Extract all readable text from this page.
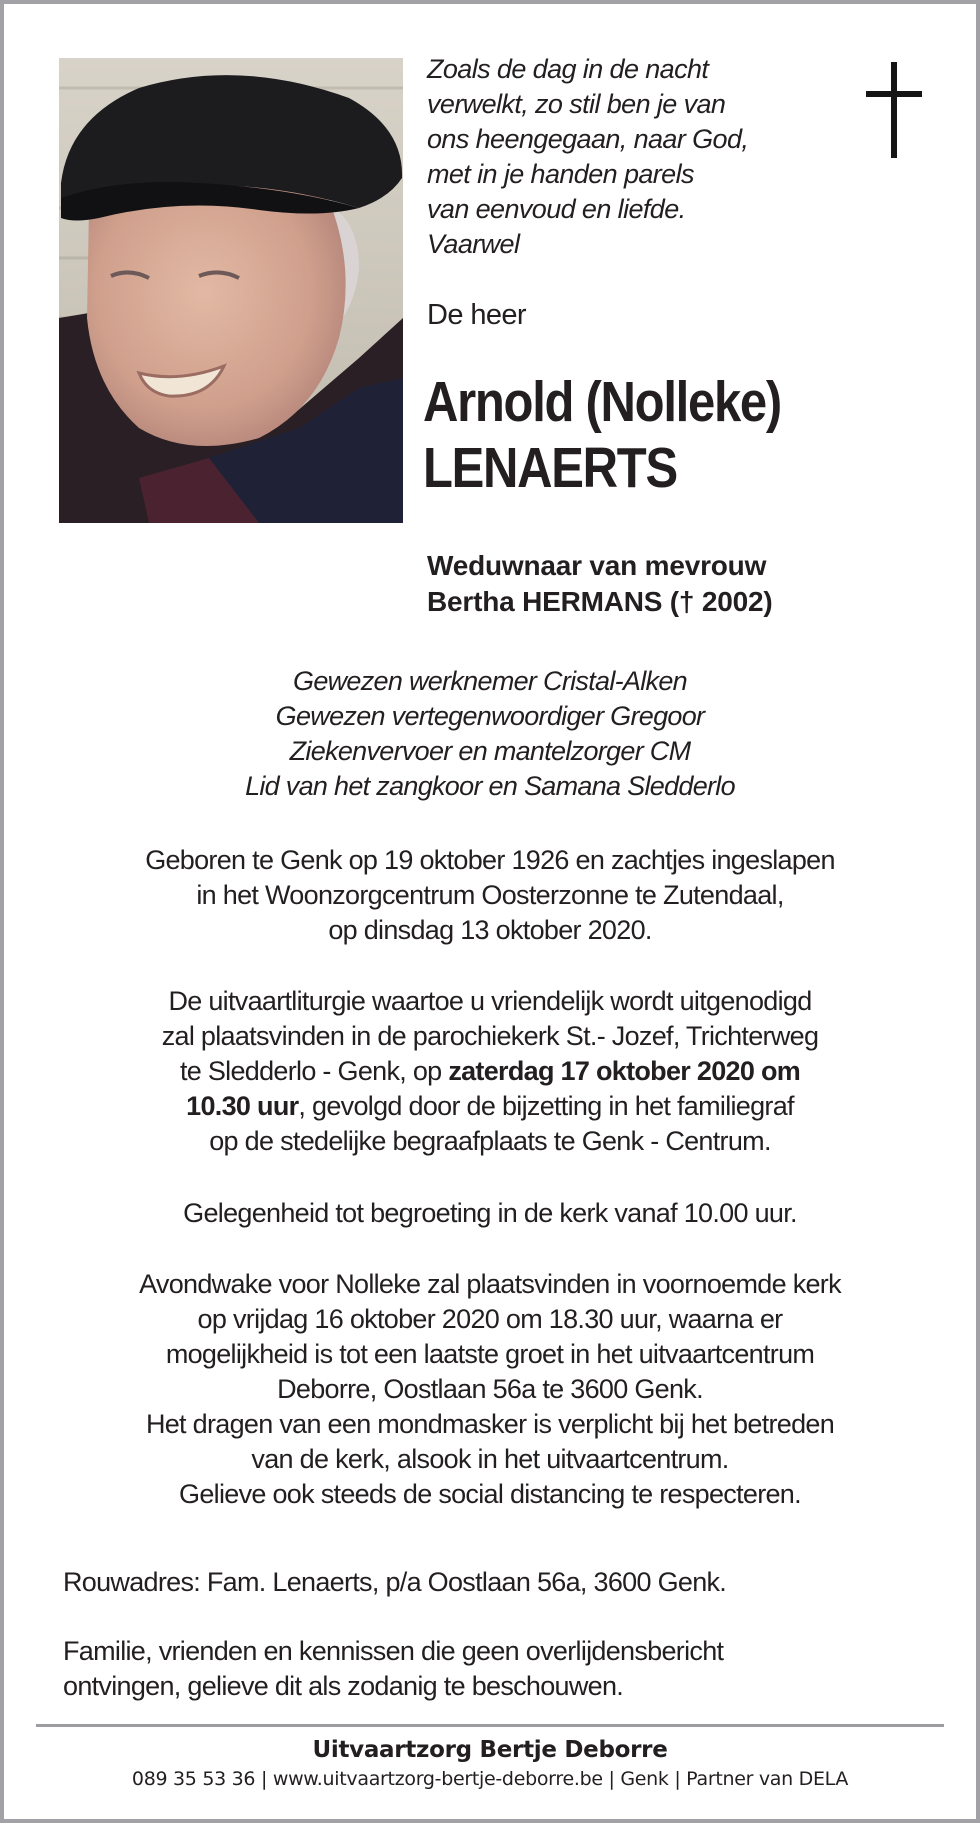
Zoals de dag in de nacht
verwelkt, zo stil ben je van
ons heengegaan, naar God,
met in je handen parels
van eenvoud en liefde.
Vaarwel
De heer
Arnold (Nolleke)
LENAERTS
Weduwnaar van mevrouw
Bertha HERMANS († 2002)
Gewezen werknemer Cristal-Alken
Gewezen vertegenwoordiger Gregoor
Ziekenvervoer en mantelzorger CM
Lid van het zangkoor en Samana Sledderlo
Geboren te Genk op 19 oktober 1926 en zachtjes ingeslapen
in het Woonzorgcentrum Oosterzonne te Zutendaal,
op dinsdag 13 oktober 2020.
De uitvaartliturgie waartoe u vriendelijk wordt uitgenodigd
zal plaatsvinden in de parochiekerk St.- Jozef, Trichterweg
te Sledderlo - Genk, op zaterdag 17 oktober 2020 om
10.30 uur, gevolgd door de bijzetting in het familiegraf
op de stedelijke begraafplaats te Genk - Centrum.
Gelegenheid tot begroeting in de kerk vanaf 10.00 uur.
Avondwake voor Nolleke zal plaatsvinden in voornoemde kerk
op vrijdag 16 oktober 2020 om 18.30 uur, waarna er
mogelijkheid is tot een laatste groet in het uitvaartcentrum
Deborre, Oostlaan 56a te 3600 Genk.
Het dragen van een mondmasker is verplicht bij het betreden
van de kerk, alsook in het uitvaartcentrum.
Gelieve ook steeds de social distancing te respecteren.
Rouwadres: Fam. Lenaerts, p/a Oostlaan 56a, 3600 Genk.
Familie, vrienden en kennissen die geen overlijdensbericht
ontvingen, gelieve dit als zodanig te beschouwen.
Uitvaartzorg Bertje Deborre
089 35 53 36 | www.uitvaartzorg-bertje-deborre.be | Genk | Partner van DELA
